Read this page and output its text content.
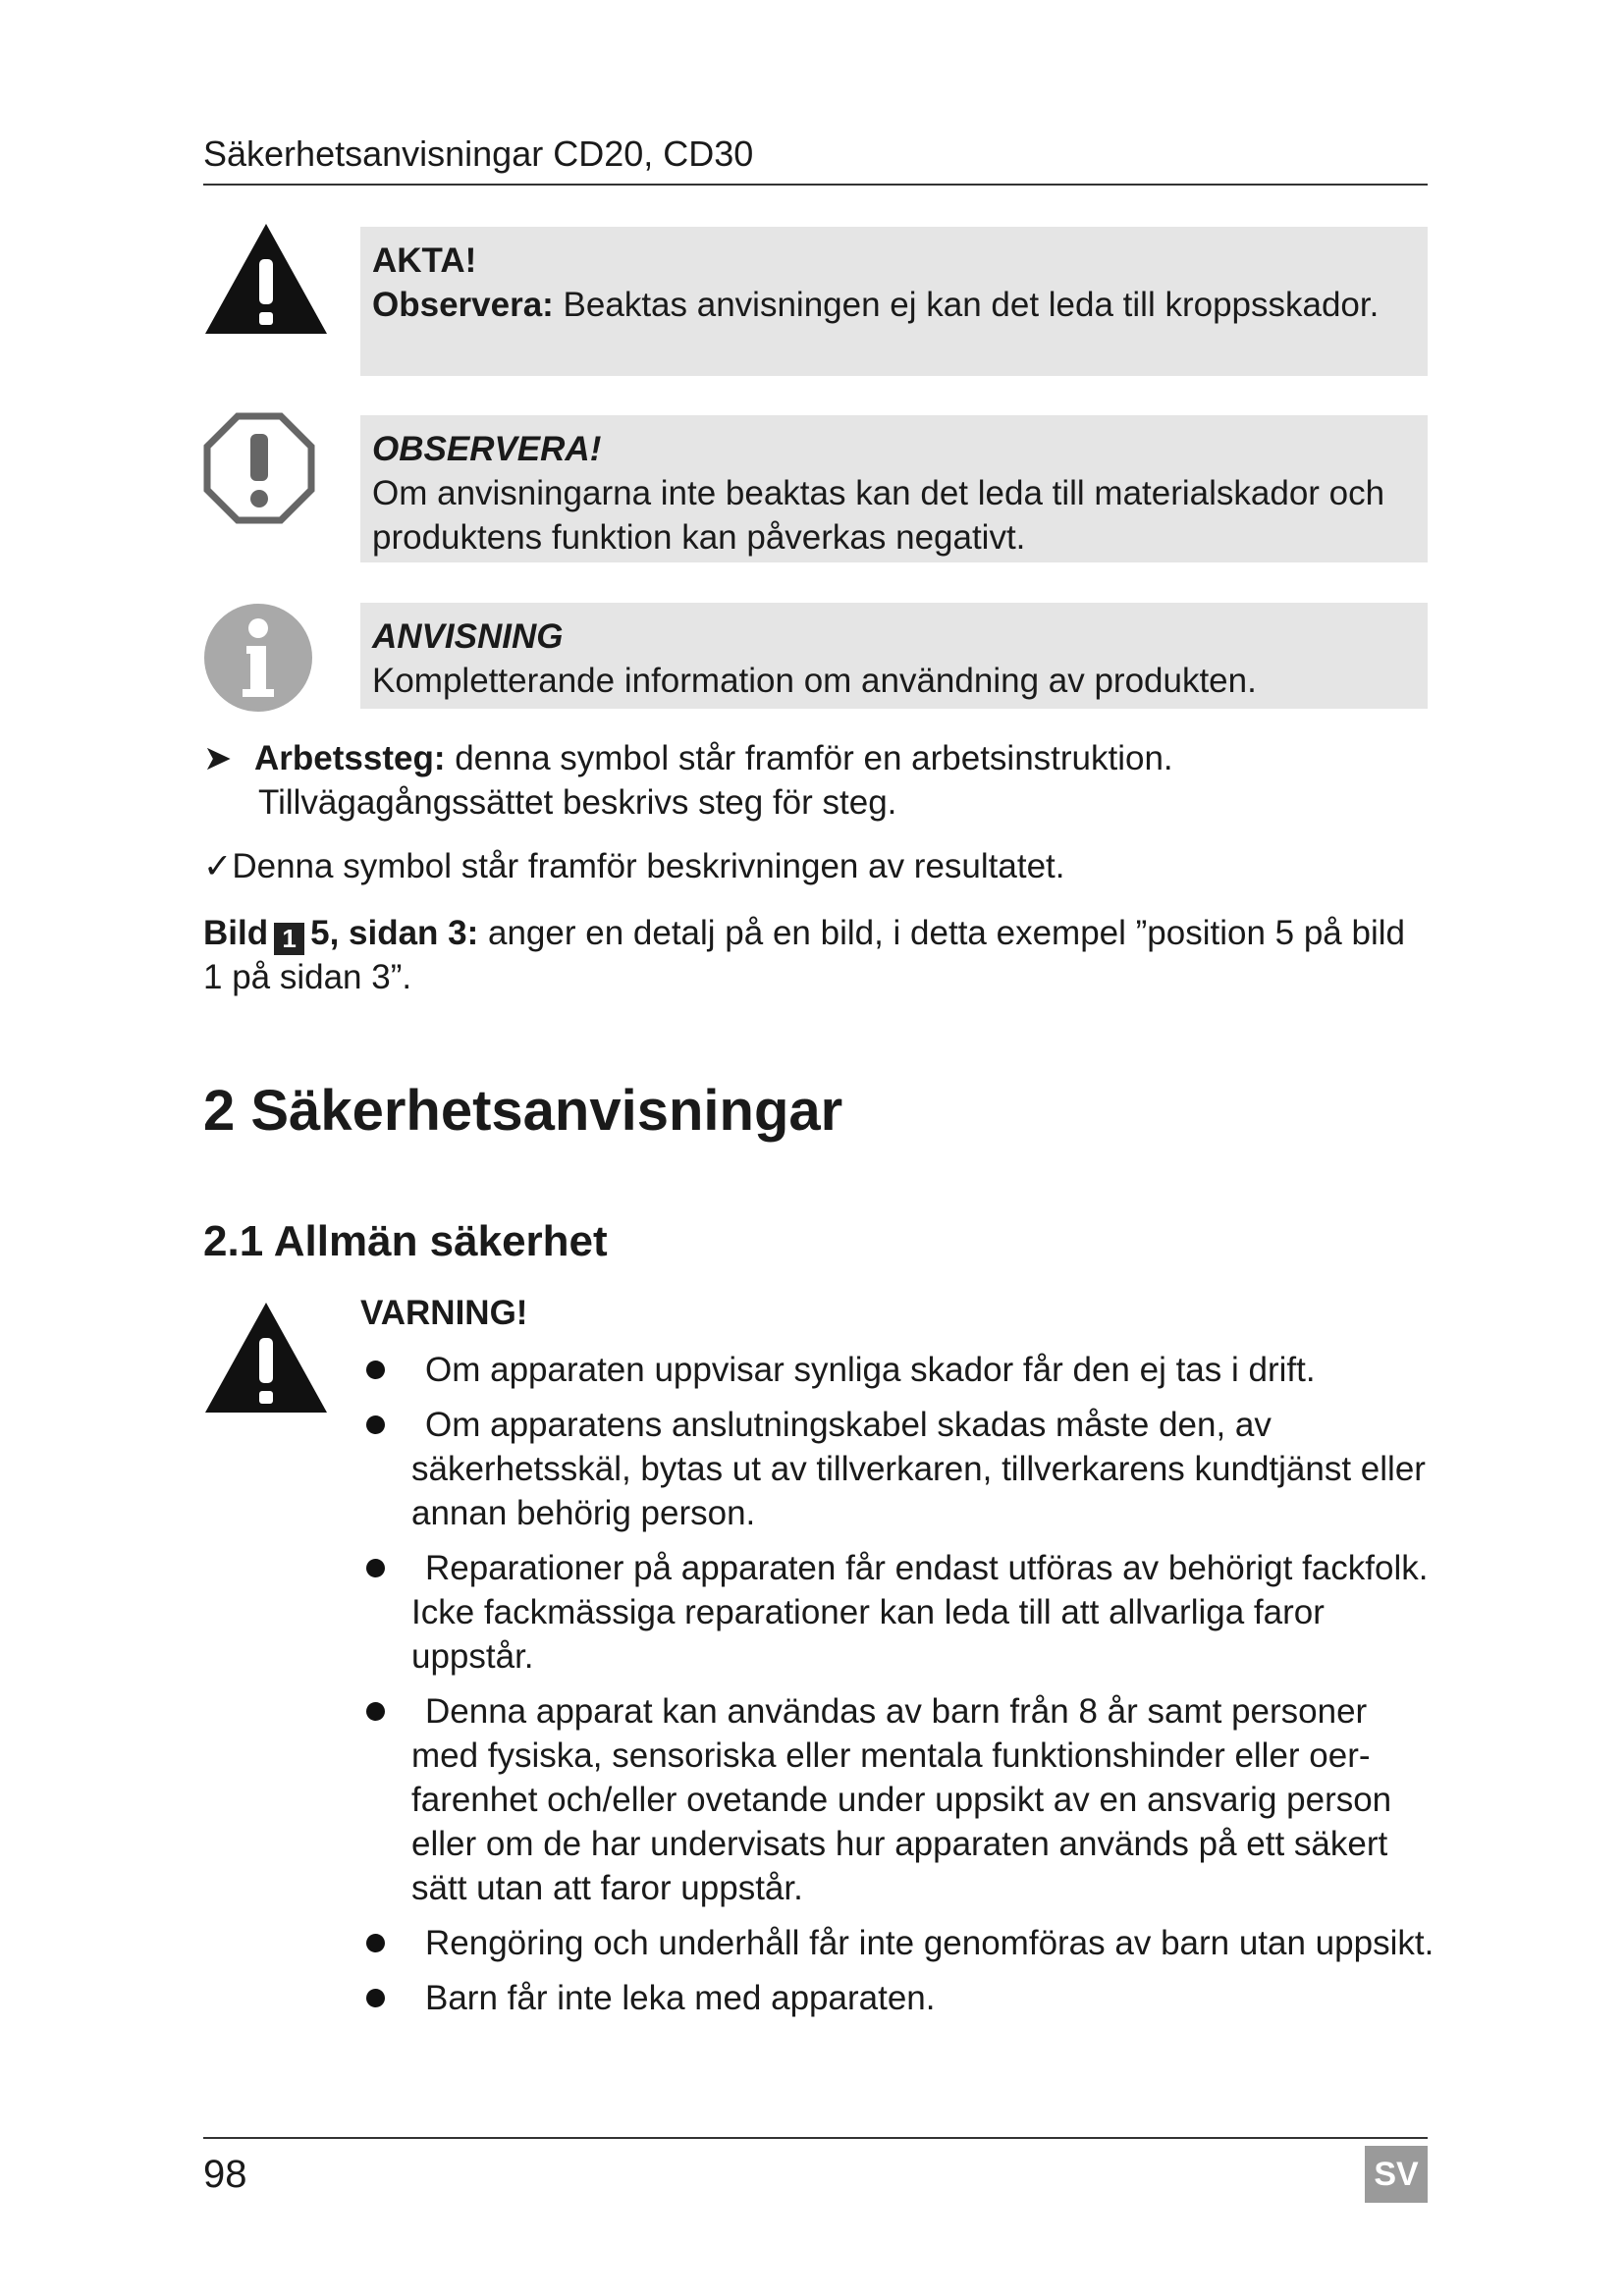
Säkerhetsanvisningar CD20, CD30
AKTA!
Observera: Beaktas anvisningen ej kan det leda till kroppsskador.
OBSERVERA!
Om anvisningarna inte beaktas kan det leda till materialskador och produktens funktion kan påverkas negativt.
ANVISNING
Kompletterande information om användning av produkten.
➤ Arbetssteg: denna symbol står framför en arbetsinstruktion.
Tillvägagångssättet beskrivs steg för steg.
✓Denna symbol står framför beskrivningen av resultatet.
Bild 1 5, sidan 3: anger en detalj på en bild, i detta exempel ”position 5 på bild 1 på sidan 3”.
2 Säkerhetsanvisningar
2.1 Allmän säkerhet
VARNING!
Om apparaten uppvisar synliga skador får den ej tas i drift.
Om apparatens anslutningskabel skadas måste den, av säkerhetsskäl, bytas ut av tillverkaren, tillverkarens kundtjänst eller annan behörig person.
Reparationer på apparaten får endast utföras av behörigt fackfolk. Icke fackmässiga reparationer kan leda till att allvarliga faror uppstår.
Denna apparat kan användas av barn från 8 år samt personer med fysiska, sensoriska eller mentala funktionshinder eller oerfarenhet och/eller ovetande under uppsikt av en ansvarig person eller om de har undervisats hur apparaten används på ett säkert sätt utan att faror uppstår.
Rengöring och underhåll får inte genomföras av barn utan uppsikt.
Barn får inte leka med apparaten.
98	SV
